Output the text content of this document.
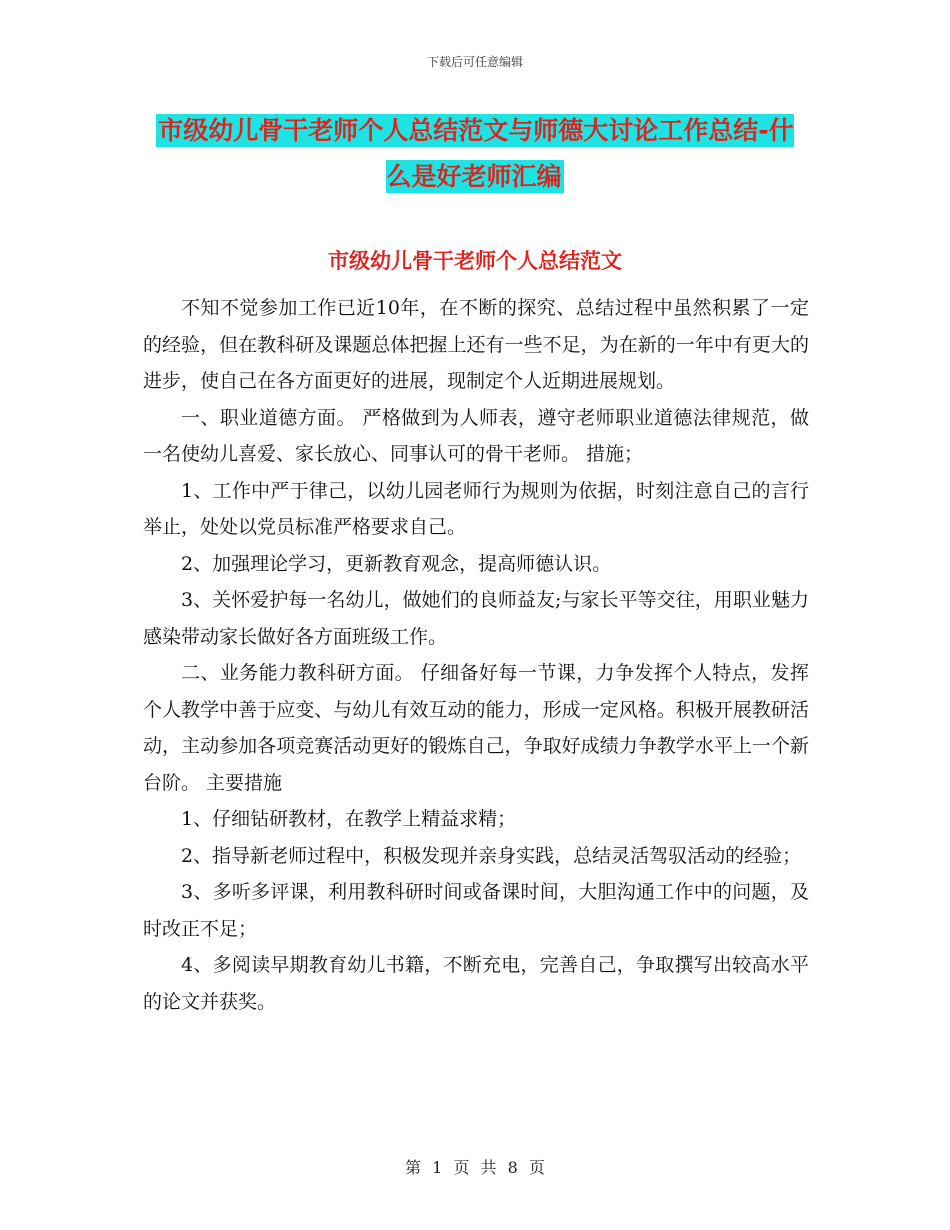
下载后可任意编辑
市级幼儿骨干老师个人总结范文与师德大讨论工作总结-什么是好老师汇编
市级幼儿骨干老师个人总结范文

不知不觉参加工作已近10年，在不断的探究、总结过程中虽然积累了一定的经验，但在教科研及课题总体把握上还有一些不足，为在新的一年中有更大的进步，使自己在各方面更好的进展，现制定个人近期进展规划。

一、职业道德方面。 严格做到为人师表，遵守老师职业道德法律规范，做一名使幼儿喜爱、家长放心、同事认可的骨干老师。 措施；

1、工作中严于律己，以幼儿园老师行为规则为依据，时刻注意自己的言行举止，处处以党员标准严格要求自己。

2、加强理论学习，更新教育观念，提高师德认识。

3、关怀爱护每一名幼儿，做她们的良师益友;与家长平等交往，用职业魅力感染带动家长做好各方面班级工作。

二、业务能力教科研方面。 仔细备好每一节课，力争发挥个人特点，发挥个人教学中善于应变、与幼儿有效互动的能力，形成一定风格。积极开展教研活动，主动参加各项竞赛活动更好的锻炼自己，争取好成绩力争教学水平上一个新台阶。 主要措施

1、仔细钻研教材，在教学上精益求精；

2、指导新老师过程中，积极发现并亲身实践，总结灵活驾驭活动的经验；

3、多听多评课，利用教科研时间或备课时间，大胆沟通工作中的问题，及时改正不足；

4、多阅读早期教育幼儿书籍，不断充电，完善自己，争取撰写出较高水平的论文并获奖。

第 1 页 共 8 页
